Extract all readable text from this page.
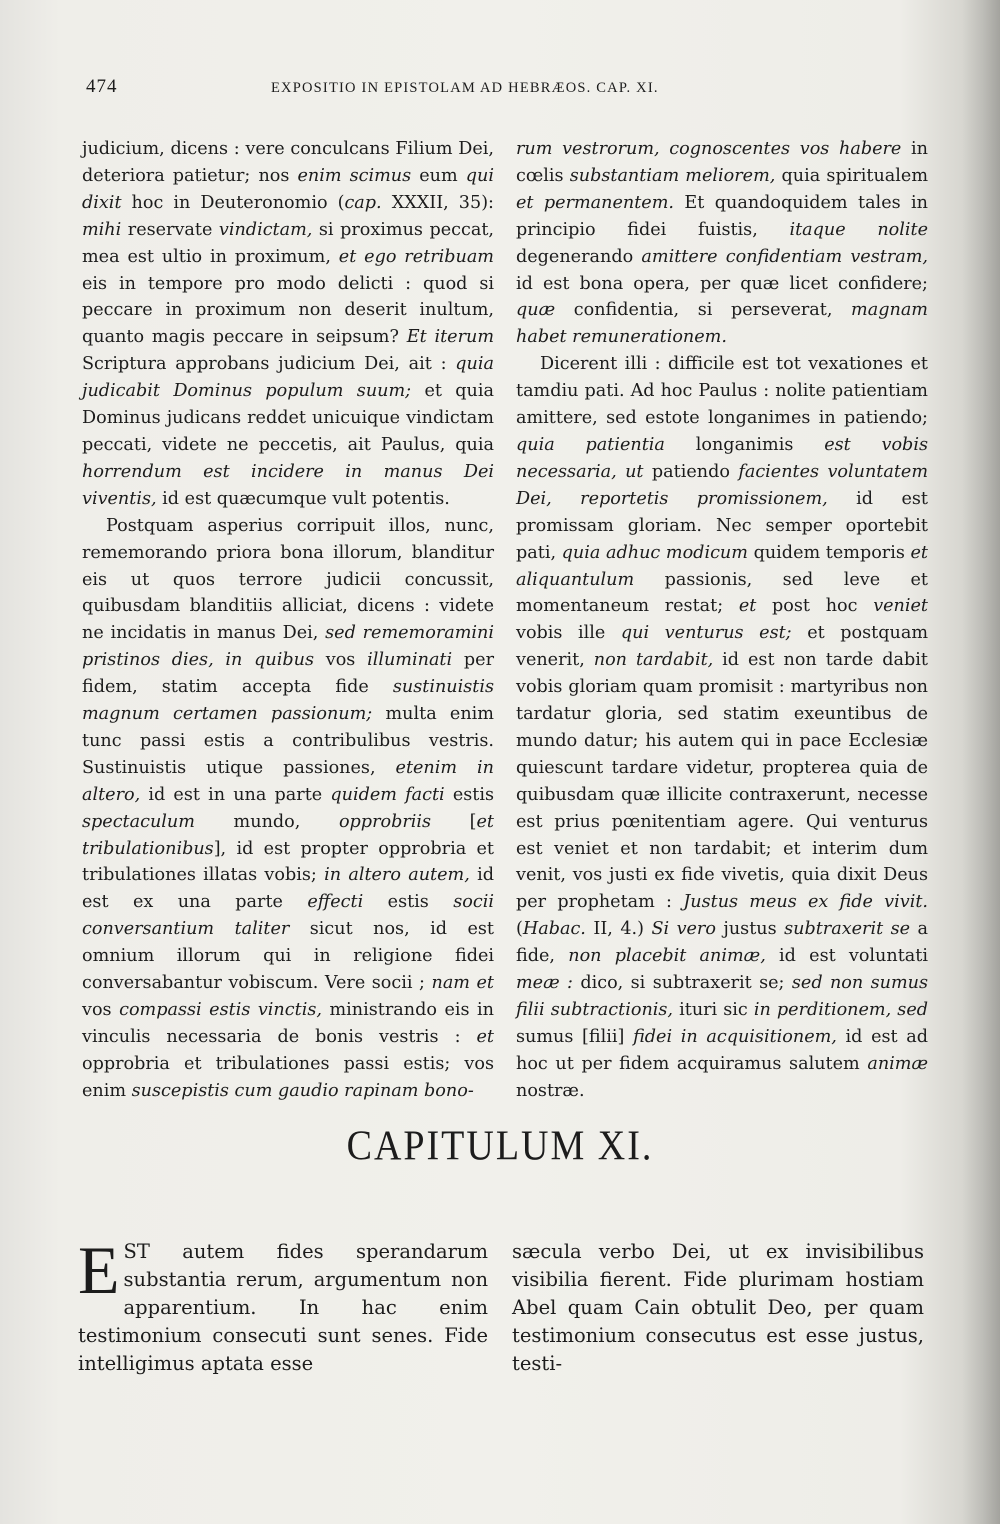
474	EXPOSITIO IN EPISTOLAM AD HEBRÆOS. CAP. XI.

judicium, dicens : vere conculcans Filium Dei, deteriora patietur; nos enim scimus eum qui dixit hoc in Deuteronomio (cap. XXXII, 35): mihi reservate vindictam, si proximus peccat, mea est ultio in proximum, et ego retribuam eis in tempore pro modo delicti : quod si peccare in proximum non deserit inultum, quanto magis peccare in seipsum? Et iterum Scriptura approbans judicium Dei, ait : quia judicabit Dominus populum suum; et quia Dominus judicans reddet unicuique vindictam peccati, videte ne peccetis, ait Paulus, quia horrendum est incidere in manus Dei viventis, id est quæcumque vult potentis.

Postquam asperius corripuit illos, nunc, rememorando priora bona illorum, blanditur eis ut quos terrore judicii concussit, quibusdam blanditiis alliciat, dicens : videte ne incidatis in manus Dei, sed rememoramini pristinos dies, in quibus vos illuminati per fidem, statim accepta fide sustinuistis magnum certamen passionum; multa enim tunc passi estis a contribulibus vestris. Sustinuistis utique passiones, etenim in altero, id est in una parte quidem facti estis spectaculum mundo, opprobriis [et tribulationibus], id est propter opprobria et tribulationes illatas vobis; in altero autem, id est ex una parte effecti estis socii conversantium taliter sicut nos, id est omnium illorum qui in religione fidei conversabantur vobiscum. Vere socii ; nam et vos compassi estis vinctis, ministrando eis in vinculis necessaria de bonis vestris : et opprobria et tribulationes passi estis; vos enim suscepistis cum gaudio rapinam bono-

rum vestrorum, cognoscentes vos habere in cœlis substantiam meliorem, quia spiritualem et permanentem. Et quandoquidem tales in principio fidei fuistis, itaque nolite degenerando amittere confidentiam vestram, id est bona opera, per quæ licet confidere; quæ confidentia, si perseverat, magnam habet remunerationem.

Dicerent illi : difficile est tot vexationes et tamdiu pati. Ad hoc Paulus : nolite patientiam amittere, sed estote longanimes in patiendo; quia patientia longanimis est vobis necessaria, ut patiendo facientes voluntatem Dei, reportetis promissionem, id est promissam gloriam. Nec semper oportebit pati, quia adhuc modicum quidem temporis et aliquantulum passionis, sed leve et momentaneum restat; et post hoc veniet vobis ille qui venturus est; et postquam venerit, non tardabit, id est non tarde dabit vobis gloriam quam promisit : martyribus non tardatur gloria, sed statim exeuntibus de mundo datur; his autem qui in pace Ecclesiæ quiescunt tardare videtur, propterea quia de quibusdam quæ illicite contraxerunt, necesse est prius pœnitentiam agere. Qui venturus est veniet et non tardabit; et interim dum venit, vos justi ex fide vivetis, quia dixit Deus per prophetam : Justus meus ex fide vivit. (Habac. II, 4.) Si vero justus subtraxerit se a fide, non placebit animæ, id est voluntati meæ : dico, si subtraxerit se; sed non sumus filii subtractionis, ituri sic in perditionem, sed sumus [filii] fidei in acquisitionem, id est ad hoc ut per fidem acquiramus salutem animæ nostræ.

CAPITULUM XI.
EST autem fides sperandarum substantia rerum, argumentum non apparentium. In hac enim testimonium consecuti sunt senes. Fide intelligimus aptata esse
sæcula verbo Dei, ut ex invisibilibus visibilia fierent. Fide plurimam hostiam Abel quam Cain obtulit Deo, per quam testimonium consecutus est esse justus, testi-
